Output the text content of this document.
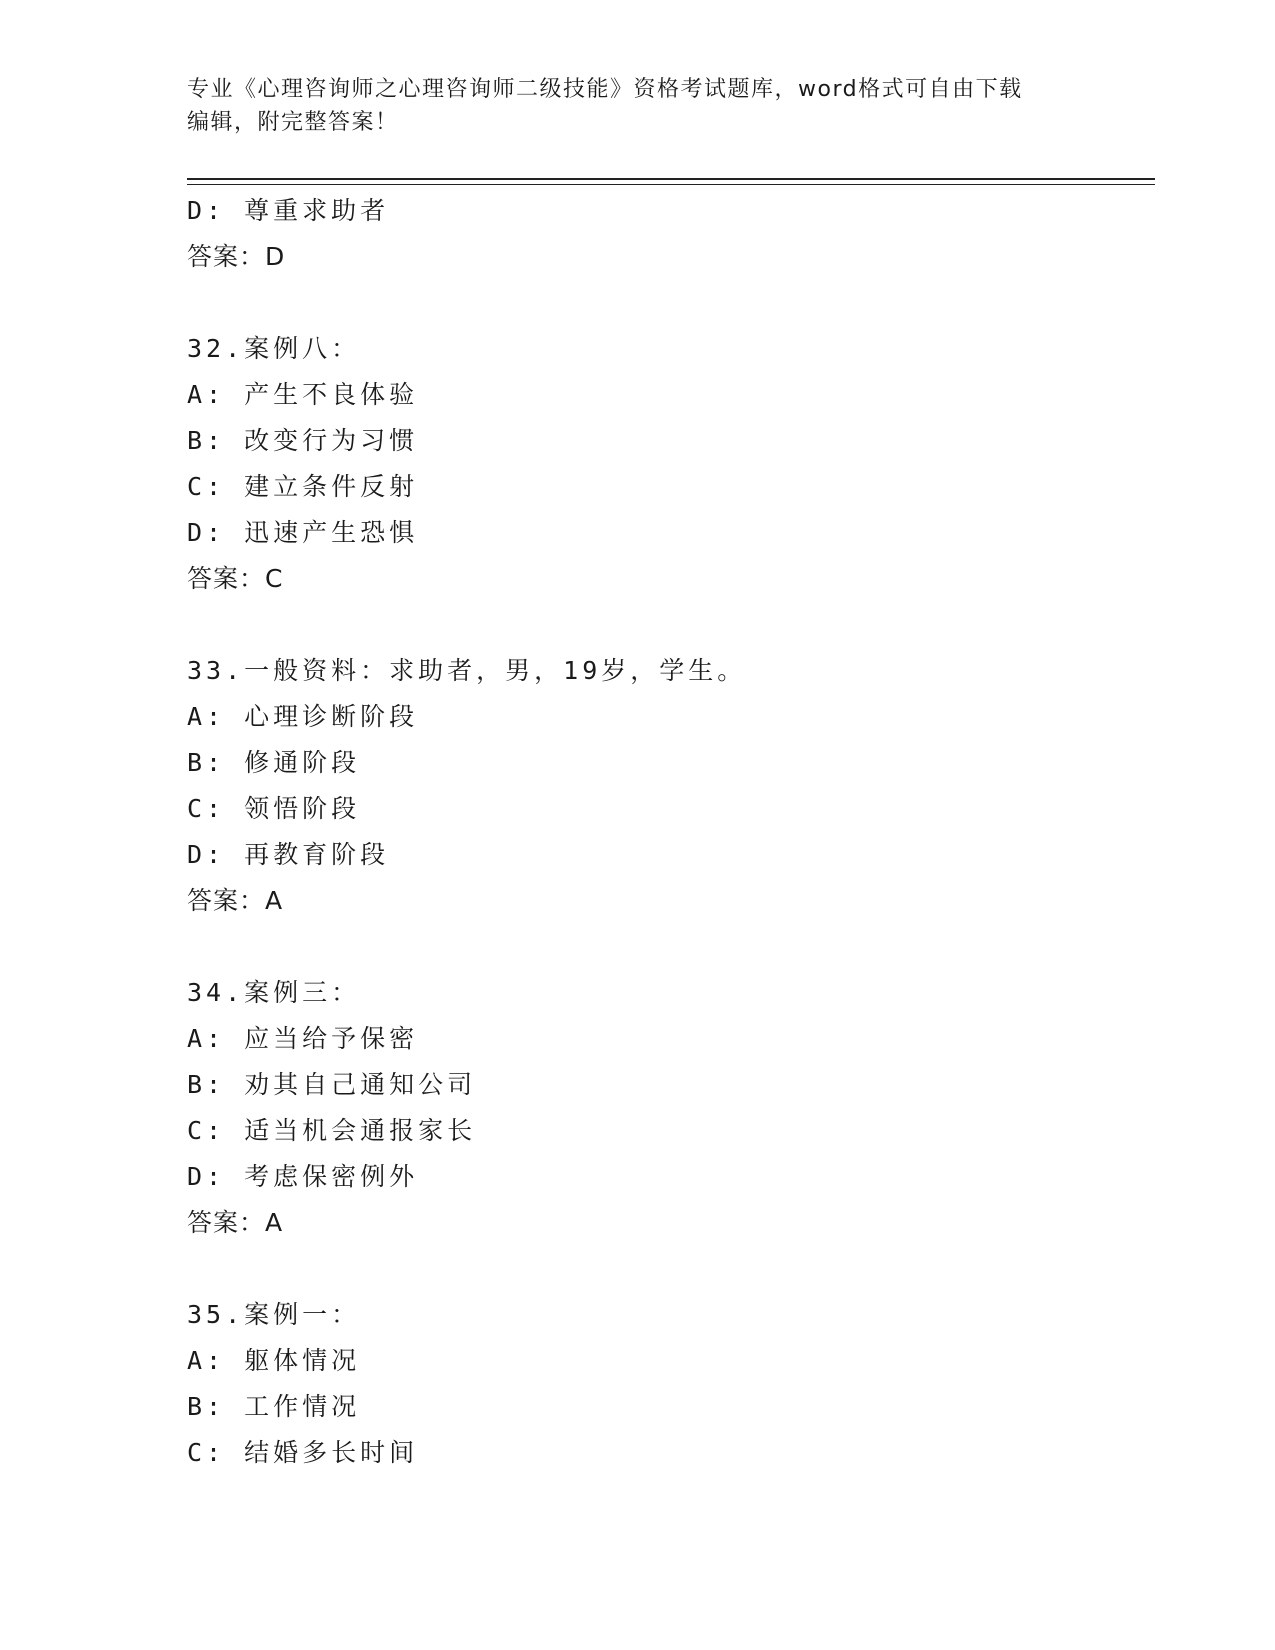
专业《心理咨询师之心理咨询师二级技能》资格考试题库，word格式可自由下载
编辑，附完整答案！
D: 尊重求助者
答案：D
32.案例八：
A: 产生不良体验
B: 改变行为习惯
C: 建立条件反射
D: 迅速产生恐惧
答案：C
33.一般资料：求助者，男，19岁，学生。
A: 心理诊断阶段
B: 修通阶段
C: 领悟阶段
D: 再教育阶段
答案：A
34.案例三：
A: 应当给予保密
B: 劝其自己通知公司
C: 适当机会通报家长
D: 考虑保密例外
答案：A
35.案例一：
A: 躯体情况
B: 工作情况
C: 结婚多长时间
